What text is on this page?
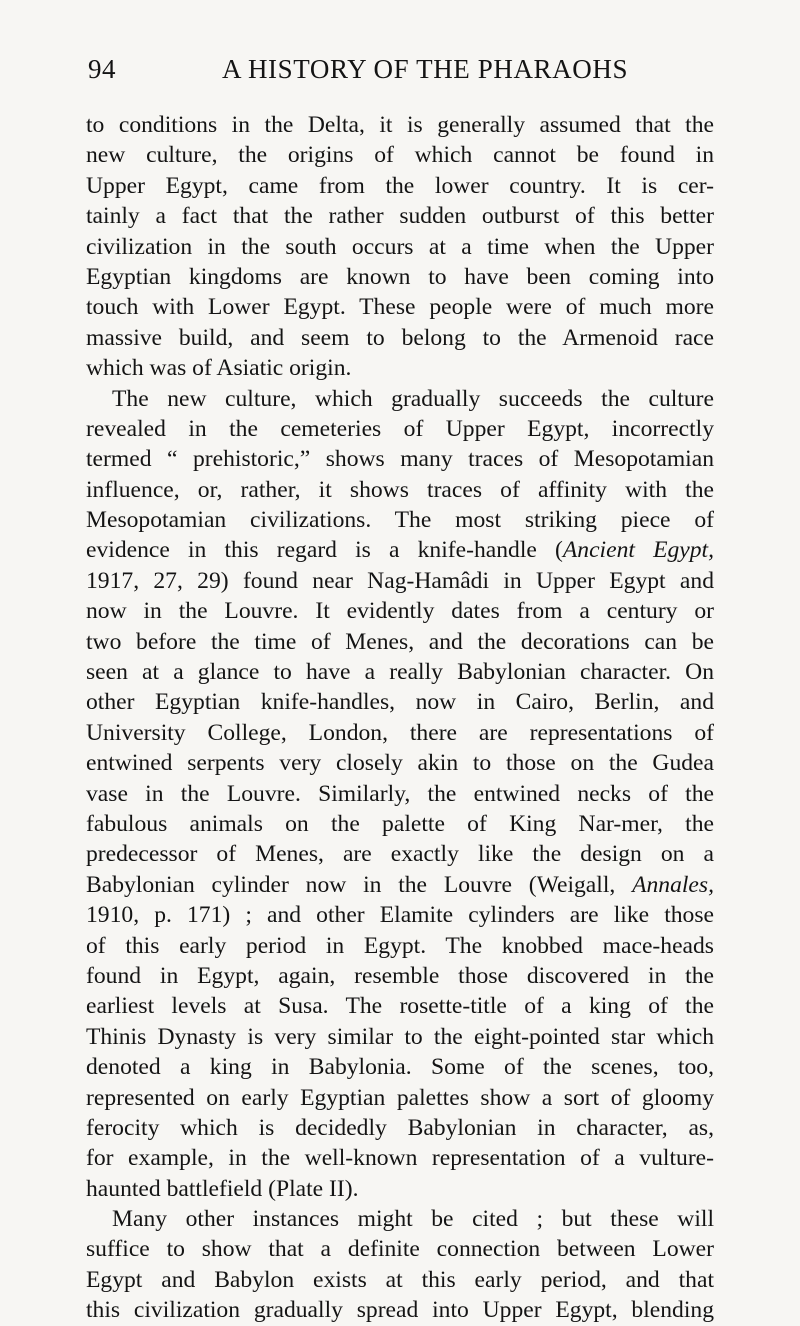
94	A HISTORY OF THE PHARAOHS
to conditions in the Delta, it is generally assumed that the
new culture, the origins of which cannot be found in
Upper Egypt, came from the lower country. It is cer-
tainly a fact that the rather sudden outburst of this better
civilization in the south occurs at a time when the Upper
Egyptian kingdoms are known to have been coming into
touch with Lower Egypt. These people were of much more
massive build, and seem to belong to the Armenoid race
which was of Asiatic origin.
The new culture, which gradually succeeds the culture
revealed in the cemeteries of Upper Egypt, incorrectly
termed “ prehistoric,” shows many traces of Mesopotamian
influence, or, rather, it shows traces of affinity with the
Mesopotamian civilizations. The most striking piece of
evidence in this regard is a knife-handle (Ancient Egypt,
1917, 27, 29) found near Nag-Hamâdi in Upper Egypt and
now in the Louvre. It evidently dates from a century or
two before the time of Menes, and the decorations can be
seen at a glance to have a really Babylonian character. On
other Egyptian knife-handles, now in Cairo, Berlin, and
University College, London, there are representations of
entwined serpents very closely akin to those on the Gudea
vase in the Louvre. Similarly, the entwined necks of the
fabulous animals on the palette of King Nar-mer, the
predecessor of Menes, are exactly like the design on a
Babylonian cylinder now in the Louvre (Weigall, Annales,
1910, p. 171) ; and other Elamite cylinders are like those
of this early period in Egypt. The knobbed mace-heads
found in Egypt, again, resemble those discovered in the
earliest levels at Susa. The rosette-title of a king of the
Thinis Dynasty is very similar to the eight-pointed star which
denoted a king in Babylonia. Some of the scenes, too,
represented on early Egyptian palettes show a sort of gloomy
ferocity which is decidedly Babylonian in character, as,
for example, in the well-known representation of a vulture-
haunted battlefield (Plate II).
Many other instances might be cited ; but these will
suffice to show that a definite connection between Lower
Egypt and Babylon exists at this early period, and that
this civilization gradually spread into Upper Egypt, blending
